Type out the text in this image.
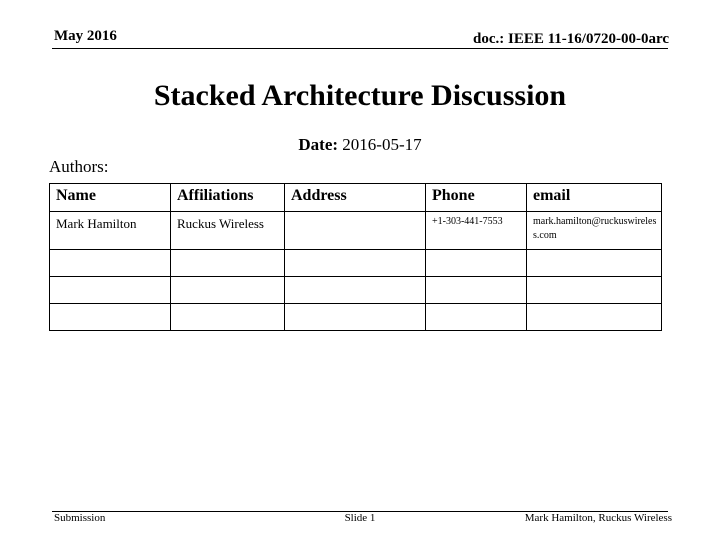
May 2016	doc.: IEEE 11-16/0720-00-0arc
Stacked Architecture Discussion
Date: 2016-05-17
Authors:
Name	Affiliations	Address	Phone	email

Mark Hamilton	Ruckus Wireless		+1-303-441-7553	mark.hamilton@ruckuswireless.com

Submission	Slide 1	Mark Hamilton, Ruckus Wireless
